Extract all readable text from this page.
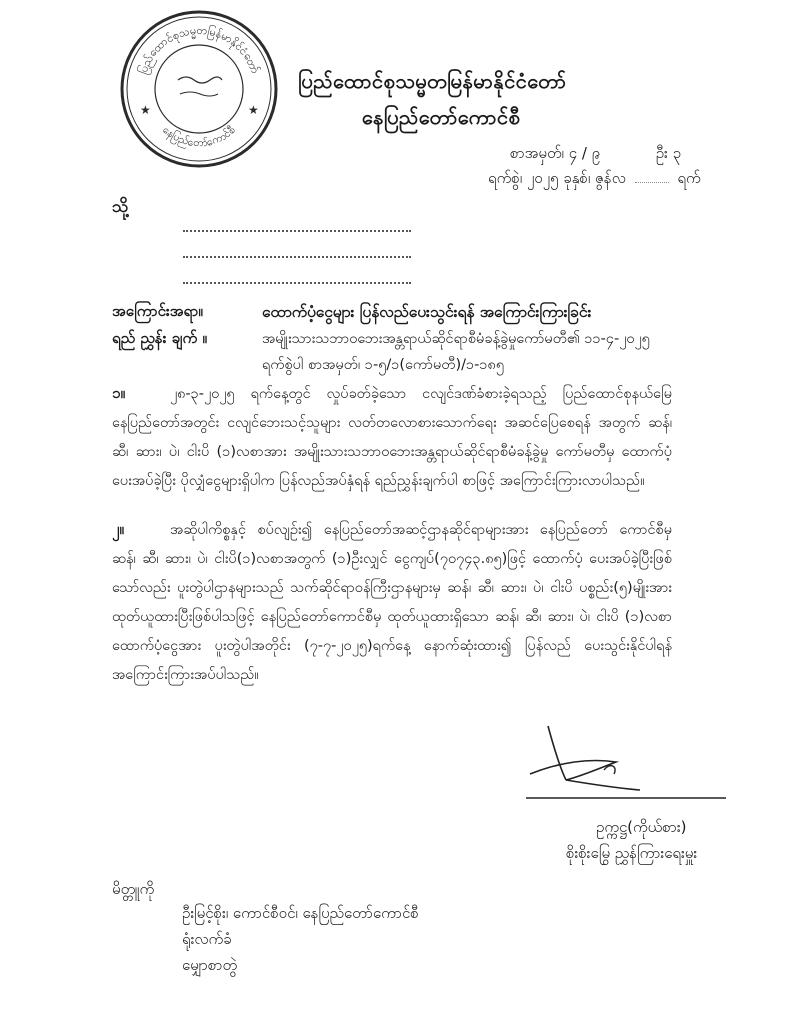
ပြည်ထောင်စုသမ္မတမြန်မာနိုင်ငံတော်
နေပြည်တော်ကောင်စီ
★	★
ပြည်ထောင်စုသမ္မတမြန်မာနိုင်ငံတော်
နေပြည်တော်ကောင်စီ
စာအမှတ်၊ ၄ / ၉	ဦး ၃
ရက်စွဲ၊ ၂၀၂၅ ခုနှစ်၊ ဇွန်လ	ရက်
သို့
အကြောင်းအရာ။	ထောက်ပံ့ငွေများ ပြန်လည်ပေးသွင်းရန် အကြောင်းကြားခြင်း
ရည် ညွှန်း ချက် ။	အမျိုးသားသဘာဝဘေးအန္တရာယ်ဆိုင်ရာစီမံခန့်ခွဲမှုကော်မတီ၏ ၁၁-၄-၂၀၂၅
ရက်စွဲပါ စာအမှတ်၊ ၁-၅/၁(ကော်မတီ)/၁-၁၈၅
၁။	၂၈-၃-၂၀၂၅ ရက်နေ့တွင် လှုပ်ခတ်ခဲ့သော ငလျင်ဒဏ်ခံစားခဲ့ရသည့် ပြည်ထောင်စုနယ်မြေ နေပြည်တော်အတွင်း ငလျင်ဘေးသင့်သူများ လတ်တလောစားသောက်ရေး အဆင်ပြေစေရန် အတွက် ဆန်၊ ဆီ၊ ဆား၊ ပဲ၊ ငါးပိ (၁)လစာအား အမျိုးသားသဘာဝဘေးအန္တရာယ်ဆိုင်ရာစီမံခန့်ခွဲမှု ကော်မတီမှ ထောက်ပံ့ပေးအပ်ခဲ့ပြီး ပိုလျှံငွေများရှိပါက ပြန်လည်အပ်နှံရန် ရည်ညွှန်းချက်ပါ စာဖြင့် အကြောင်းကြားလာပါသည်။
၂။	အဆိုပါကိစ္စနှင့် စပ်လျဉ်း၍ နေပြည်တော်အဆင့်ဌာနဆိုင်ရာများအား နေပြည်တော် ကောင်စီမှ ဆန်၊ ဆီ၊ ဆား၊ ပဲ၊ ငါးပိ(၁)လစာအတွက် (၁)ဦးလျှင် ငွေကျပ်(၇၀၇၄၃.၈၅)ဖြင့် ထောက်ပံ့ ပေးအပ်ခဲ့ပြီးဖြစ်သော်လည်း ပူးတွဲပါဌာနများသည် သက်ဆိုင်ရာဝန်ကြီးဌာနများမှ ဆန်၊ ဆီ၊ ဆား၊ ပဲ၊ ငါးပိ ပစ္စည်း(၅)မျိုးအား ထုတ်ယူထားပြီးဖြစ်ပါသဖြင့် နေပြည်တော်ကောင်စီမှ ထုတ်ယူထားရှိသော ဆန်၊ ဆီ၊ ဆား၊ ပဲ၊ ငါးပိ (၁)လစာ ထောက်ပံ့ငွေအား ပူးတွဲပါအတိုင်း (၇-၇-၂၀၂၅)ရက်နေ့ နောက်ဆုံးထား၍ ပြန်လည် ပေးသွင်းနိုင်ပါရန် အကြောင်းကြားအပ်ပါသည်။
ဥက္ကဋ္ဌ(ကိုယ်စား)
စိုးစိုးမြွေ ညွှန်ကြားရေးမှူး
မိတ္တူကို
ဦးမြင့်စိုး၊ ကောင်စီဝင်၊ နေပြည်တော်ကောင်စီ
ရုံးလက်ခံ
မျှောစာတွဲ
